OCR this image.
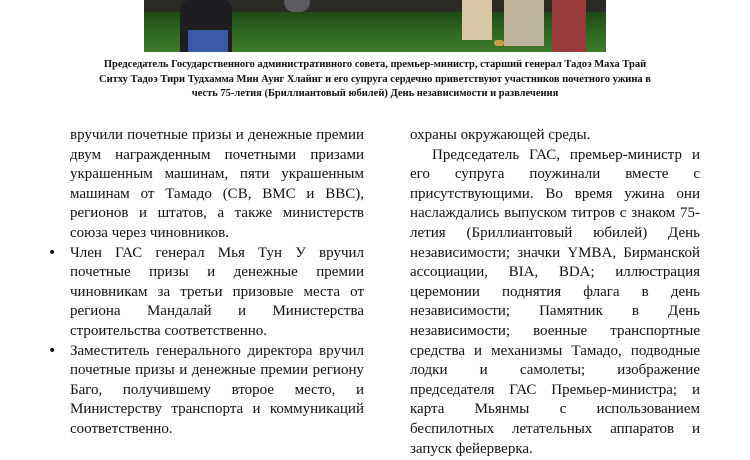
Председатель Государственного административного совета, премьер-министр, старший генерал Тадоэ Маха Трай Ситху Тадоэ Тири Тудхамма Мин Аунг Хлайнг и его супруга сердечно приветствуют участников почетного ужина в честь 75-летия (Бриллиантовый юбилей) День независимости и развлечения

вручили почетные призы и денежные премии двум награжденным почетными призами украшенным машинам, пяти украшенным машинам от Тамадо (СВ, ВМС и ВВС), регионов и штатов, а также министерств союза через чиновников.

• Член ГАС генерал Мья Тун У вручил почетные призы и денежные премии чиновникам за третьи призовые места от региона Мандалай и Министерства строительства соответственно.

• Заместитель генерального директора вручил почетные призы и денежные премии региону Баго, получившему второе место, и Министерству транспорта и коммуникаций соответственно.

охраны окружающей среды.

Председатель ГАС, премьер-министр и его супруга поужинали вместе с присутствующими. Во время ужина они наслаждались выпуском титров с знаком 75-летия (Бриллиантовый юбилей) День независимости; значки YMBA, Бирманской ассоциации, BIA, BDA; иллюстрация церемонии поднятия флага в день независимости; Памятник в День независимости; военные транспортные средства и механизмы Тамадо, подводные лодки и самолеты; изображение председателя ГАС Премьер-министра; и карта Мьянмы с использованием беспилотных летательных аппаратов и запуск фейерверка.
